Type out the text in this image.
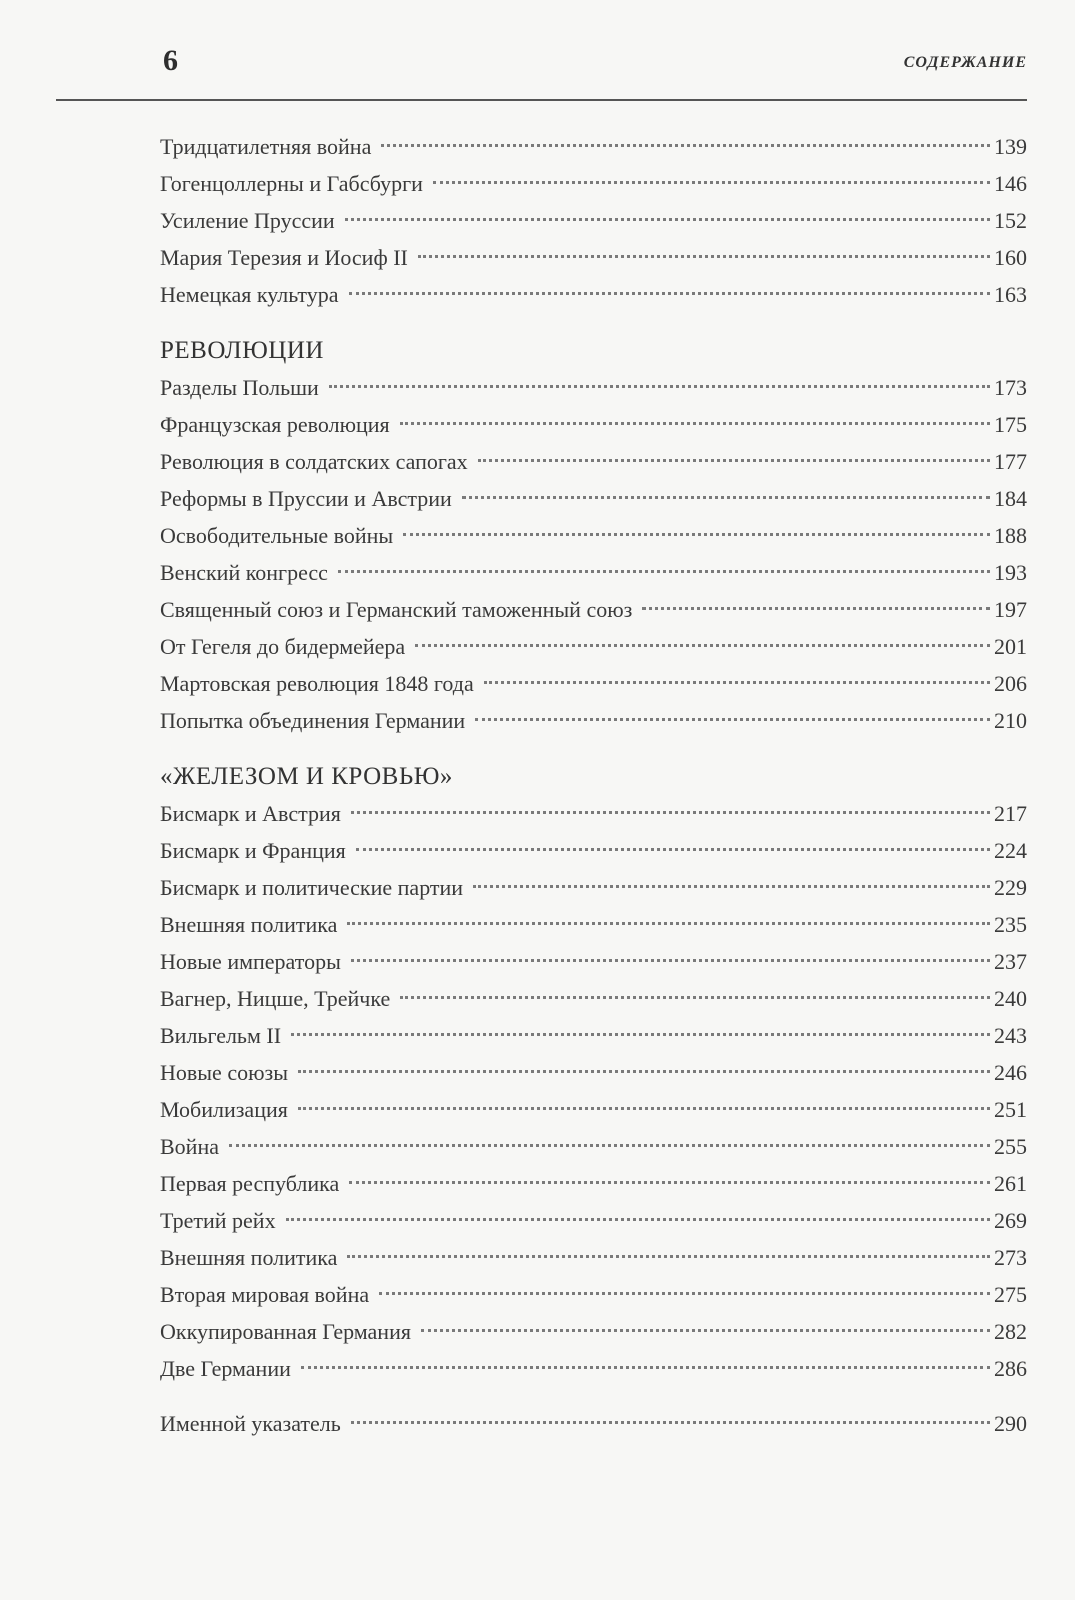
6	СОДЕРЖАНИЕ
Тридцатилетняя война	139
Гогенцоллерны и Габсбурги	146
Усиление Пруссии	152
Мария Терезия и Иосиф II	160
Немецкая культура	163
РЕВОЛЮЦИИ
Разделы Польши	173
Французская революция	175
Революция в солдатских сапогах	177
Реформы в Пруссии и Австрии	184
Освободительные войны	188
Венский конгресс	193
Священный союз и Германский таможенный союз	197
От Гегеля до бидермейера	201
Мартовская революция 1848 года	206
Попытка объединения Германии	210
«ЖЕЛЕЗОМ И КРОВЬЮ»
Бисмарк и Австрия	217
Бисмарк и Франция	224
Бисмарк и политические партии	229
Внешняя политика	235
Новые императоры	237
Вагнер, Ницше, Трейчке	240
Вильгельм II	243
Новые союзы	246
Мобилизация	251
Война	255
Первая республика	261
Третий рейх	269
Внешняя политика	273
Вторая мировая война	275
Оккупированная Германия	282
Две Германии	286
Именной указатель	290
